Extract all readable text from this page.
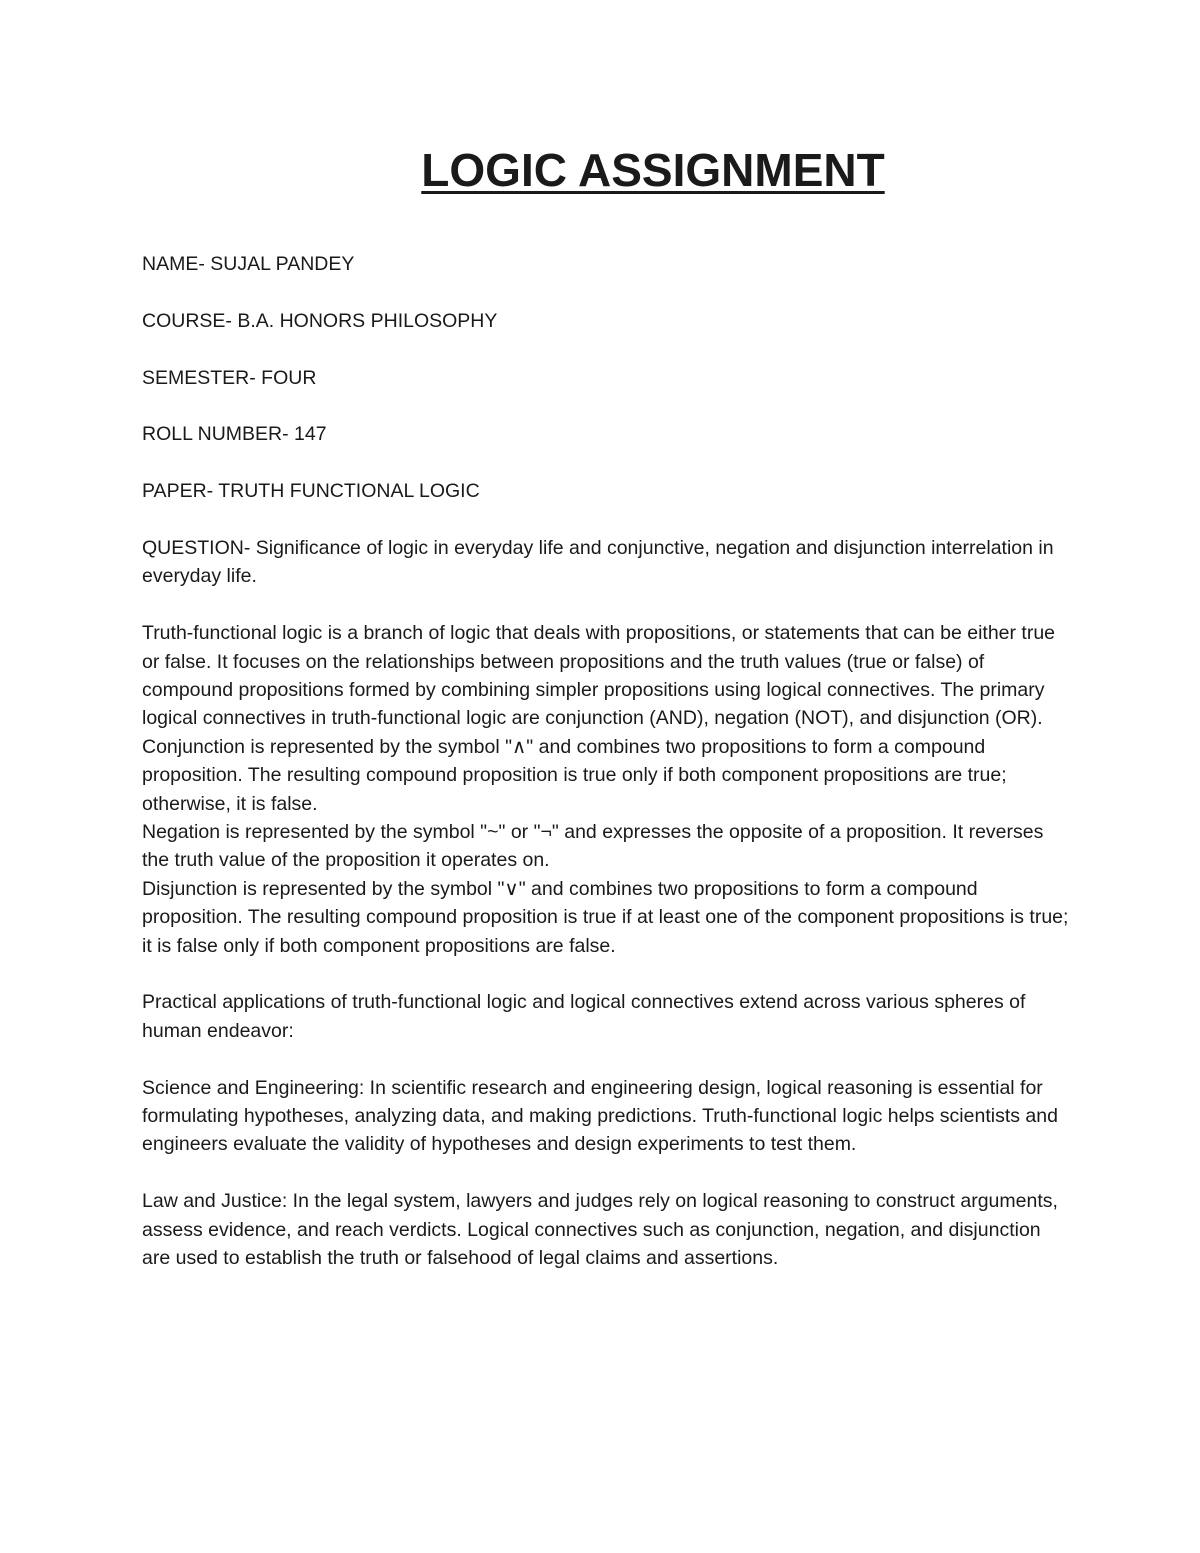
LOGIC ASSIGNMENT

NAME- SUJAL PANDEY

COURSE- B.A. HONORS PHILOSOPHY

SEMESTER- FOUR

ROLL NUMBER- 147

PAPER- TRUTH FUNCTIONAL LOGIC

QUESTION- Significance of logic in everyday life and conjunctive, negation and disjunction interrelation in everyday life.

Truth-functional logic is a branch of logic that deals with propositions, or statements that can be either true or false. It focuses on the relationships between propositions and the truth values (true or false) of compound propositions formed by combining simpler propositions using logical connectives. The primary logical connectives in truth-functional logic are conjunction (AND), negation (NOT), and disjunction (OR).

Conjunction is represented by the symbol "∧" and combines two propositions to form a compound proposition. The resulting compound proposition is true only if both component propositions are true; otherwise, it is false.

Negation is represented by the symbol "~" or "¬" and expresses the opposite of a proposition. It reverses the truth value of the proposition it operates on.

Disjunction is represented by the symbol "∨" and combines two propositions to form a compound proposition. The resulting compound proposition is true if at least one of the component propositions is true; it is false only if both component propositions are false.

Practical applications of truth-functional logic and logical connectives extend across various spheres of human endeavor:

Science and Engineering: In scientific research and engineering design, logical reasoning is essential for formulating hypotheses, analyzing data, and making predictions. Truth-functional logic helps scientists and engineers evaluate the validity of hypotheses and design experiments to test them.

Law and Justice: In the legal system, lawyers and judges rely on logical reasoning to construct arguments, assess evidence, and reach verdicts. Logical connectives such as conjunction, negation, and disjunction are used to establish the truth or falsehood of legal claims and assertions.
